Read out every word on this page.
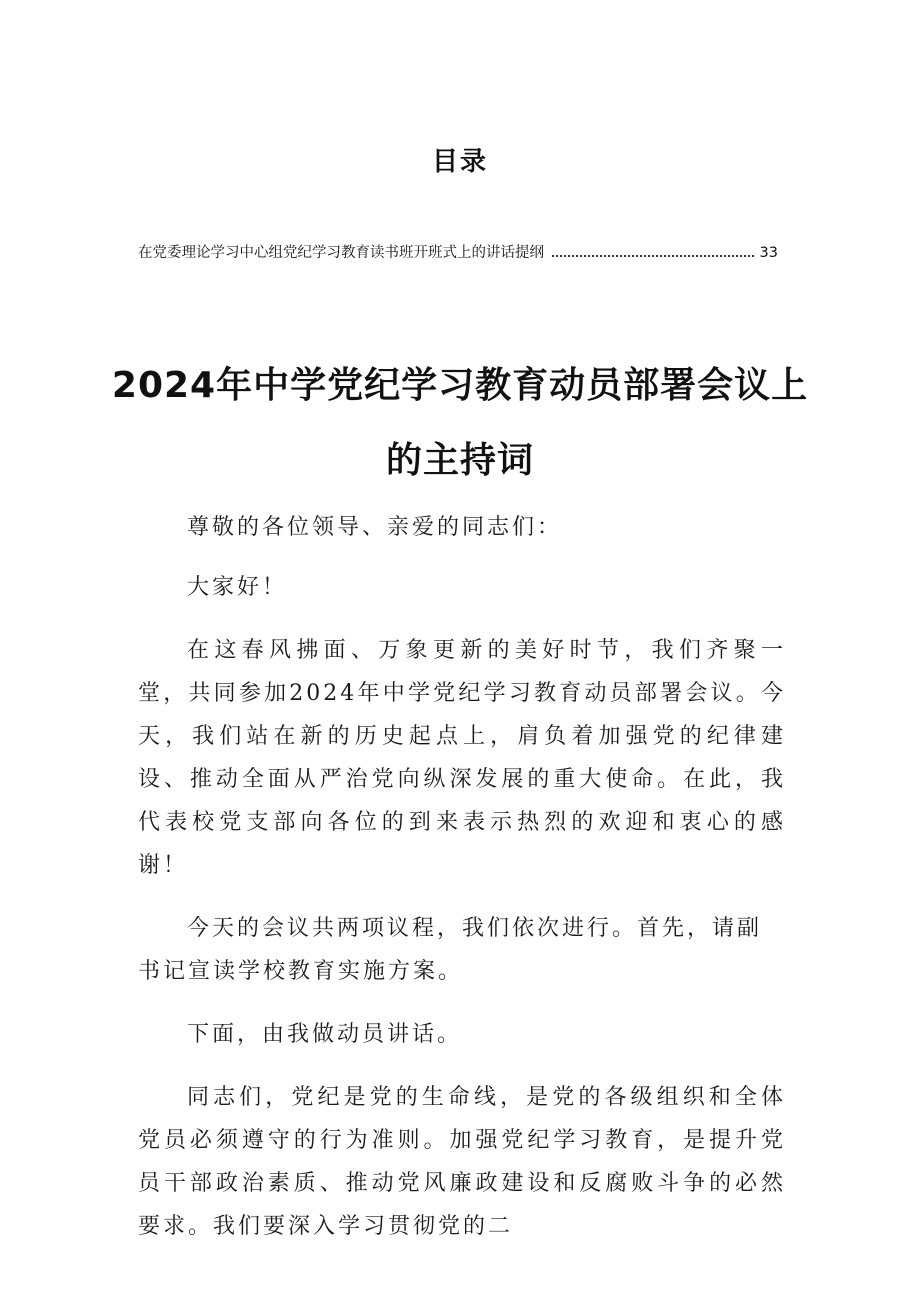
目录
在党委理论学习中心组党纪学习教育读书班开班式上的讲话提纲	33
2024年中学党纪学习教育动员部署会议上
的主持词

尊敬的各位领导、亲爱的同志们：

大家好！

在这春风拂面、万象更新的美好时节，我们齐聚一堂，共同参加2024年中学党纪学习教育动员部署会议。今天，我们站在新的历史起点上，肩负着加强党的纪律建设、推动全面从严治党向纵深发展的重大使命。在此，我代表校党支部向各位的到来表示热烈的欢迎和衷心的感谢！

今天的会议共两项议程，我们依次进行。首先，请副

书记宣读学校教育实施方案。

下面，由我做动员讲话。

同志们，党纪是党的生命线，是党的各级组织和全体党员必须遵守的行为准则。加强党纪学习教育，是提升党员干部政治素质、推动党风廉政建设和反腐败斗争的必然要求。我们要深入学习贯彻党的二
